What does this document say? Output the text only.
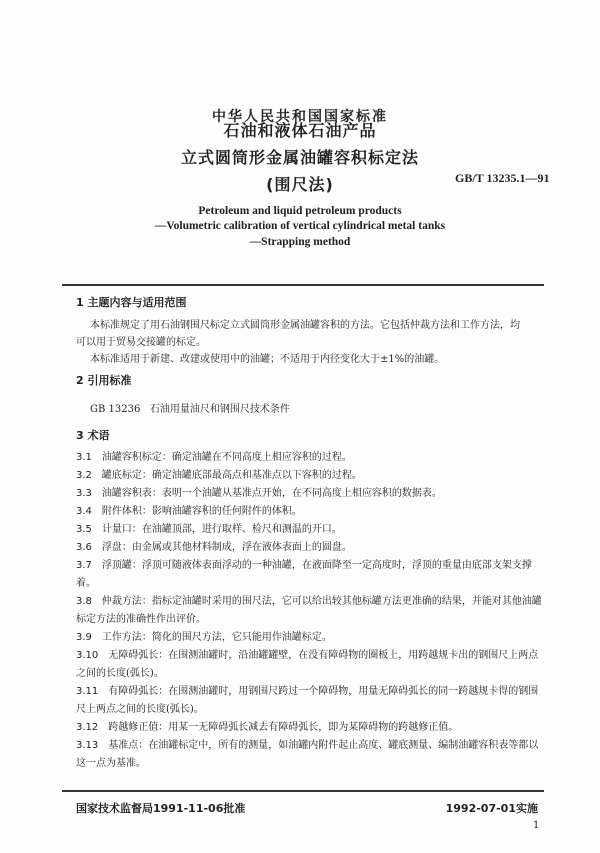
中华人民共和国国家标准
石油和液体石油产品
立式圆筒形金属油罐容积标定法
(围尺法)	GB/T 13235.1—91
Petroleum and liquid petroleum products
—Volumetric calibration of vertical cylindrical metal tanks
—Strapping method
1 主题内容与适用范围
本标准规定了用石油钢围尺标定立式圆筒形金属油罐容积的方法。它包括仲裁方法和工作方法，均
可以用于贸易交接罐的标定。
本标准适用于新建、改建或使用中的油罐；不适用于内径变化大于±1%的油罐。
2 引用标准
GB 13236   石油用量油尺和钢围尺技术条件
3 术语
3.1 油罐容积标定：确定油罐在不同高度上相应容积的过程。
3.2 罐底标定：确定油罐底部最高点和基准点以下容积的过程。
3.3 油罐容积表：表明一个油罐从基准点开始，在不同高度上相应容积的数据表。
3.4 附件体积：影响油罐容积的任何附件的体积。
3.5 计量口：在油罐顶部，进行取样、检尺和测温的开口。
3.6 浮盘：由金属或其他材料制成，浮在液体表面上的圆盘。
3.7 浮顶罐：浮顶可随液体表面浮动的一种油罐，在液面降至一定高度时，浮顶的重量由底部支架支撑着。
3.8 仲裁方法：指标定油罐时采用的围尺法，它可以给出较其他标罐方法更准确的结果，并能对其他油罐标定方法的准确性作出评价。
3.9 工作方法：简化的围尺方法，它只能用作油罐标定。
3.10 无障碍弧长：在围测油罐时，沿油罐罐壁，在没有障碍物的圈板上，用跨越规卡出的钢围尺上两点之间的长度(弧长)。
3.11 有障碍弧长：在围测油罐时，用钢围尺跨过一个障碍物，用量无障碍弧长的同一跨越规卡得的钢围尺上两点之间的长度(弧长)。
3.12 跨越修正值：用某一无障碍弧长减去有障碍弧长，即为某障碍物的跨越修正值。
3.13 基准点：在油罐标定中，所有的测量，如油罐内附件起止高度、罐底测量、编制油罐容积表等都以这一点为基准。
国家技术监督局1991-11-06批准	1992-07-01实施
1
